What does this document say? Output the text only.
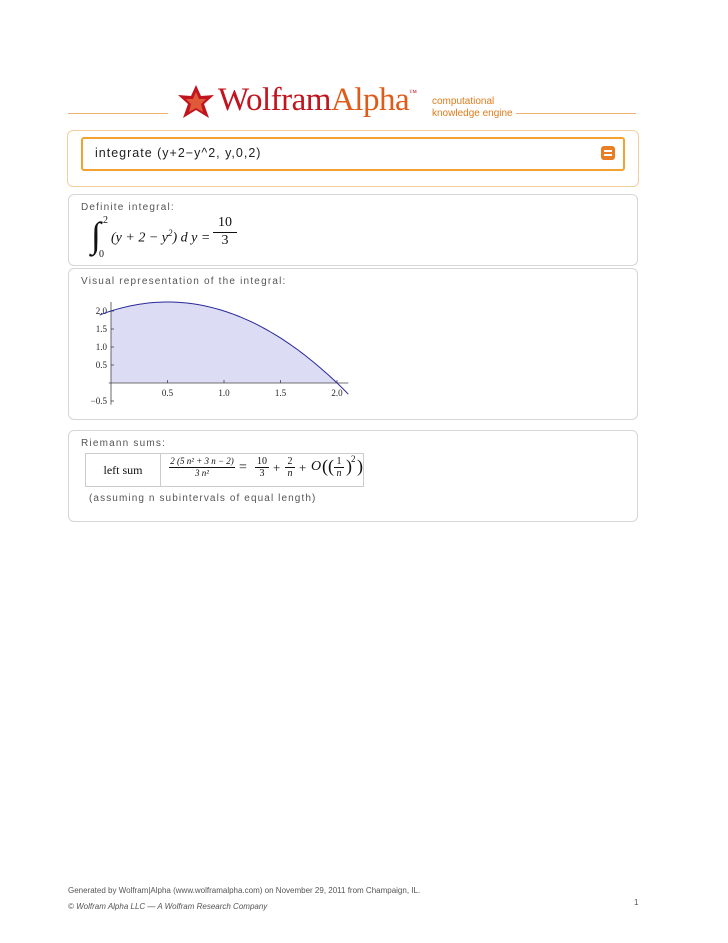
WolframAlpha™
computational
knowledge engine
integrate (y+2−y^2, y,0,2)
Definite integral:
∫ 2
0
$(y + 2 - y^2)$ d y =
10
3
Visual representation of the integral:
0.5	1.0	1.5	2.0
2.0
1.5
1.0
0.5
−0.5
Riemann sums:
left sum	
2 (5 n² + 3 n − 2)
3 n²	= 10
3 + 2
n + O (( 1
n ) 2 )
(assuming n subintervals of equal length)
Generated by Wolfram|Alpha (www.wolframalpha.com) on November 29, 2011 from Champaign, IL.
© Wolfram Alpha LLC — A Wolfram Research Company	1
